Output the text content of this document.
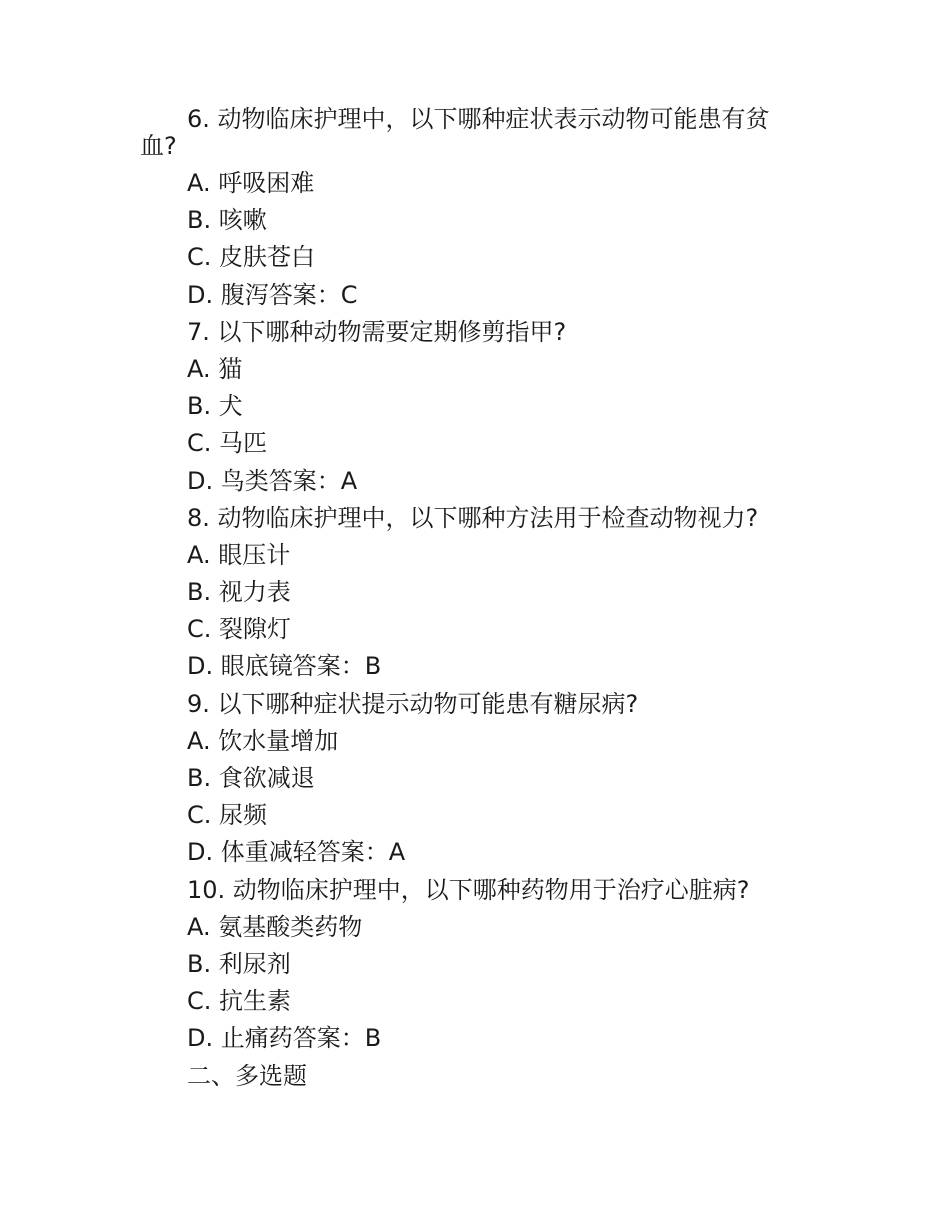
6. 动物临床护理中，以下哪种症状表示动物可能患有贫血?
A. 呼吸困难
B. 咳嗽
C. 皮肤苍白
D. 腹泻答案：C
7. 以下哪种动物需要定期修剪指甲?
A. 猫
B. 犬
C. 马匹
D. 鸟类答案：A
8. 动物临床护理中，以下哪种方法用于检查动物视力?
A. 眼压计
B. 视力表
C. 裂隙灯
D. 眼底镜答案：B
9. 以下哪种症状提示动物可能患有糖尿病?
A. 饮水量增加
B. 食欲减退
C. 尿频
D. 体重减轻答案：A
10. 动物临床护理中，以下哪种药物用于治疗心脏病?
A. 氨基酸类药物
B. 利尿剂
C. 抗生素
D. 止痛药答案：B
二、多选题
